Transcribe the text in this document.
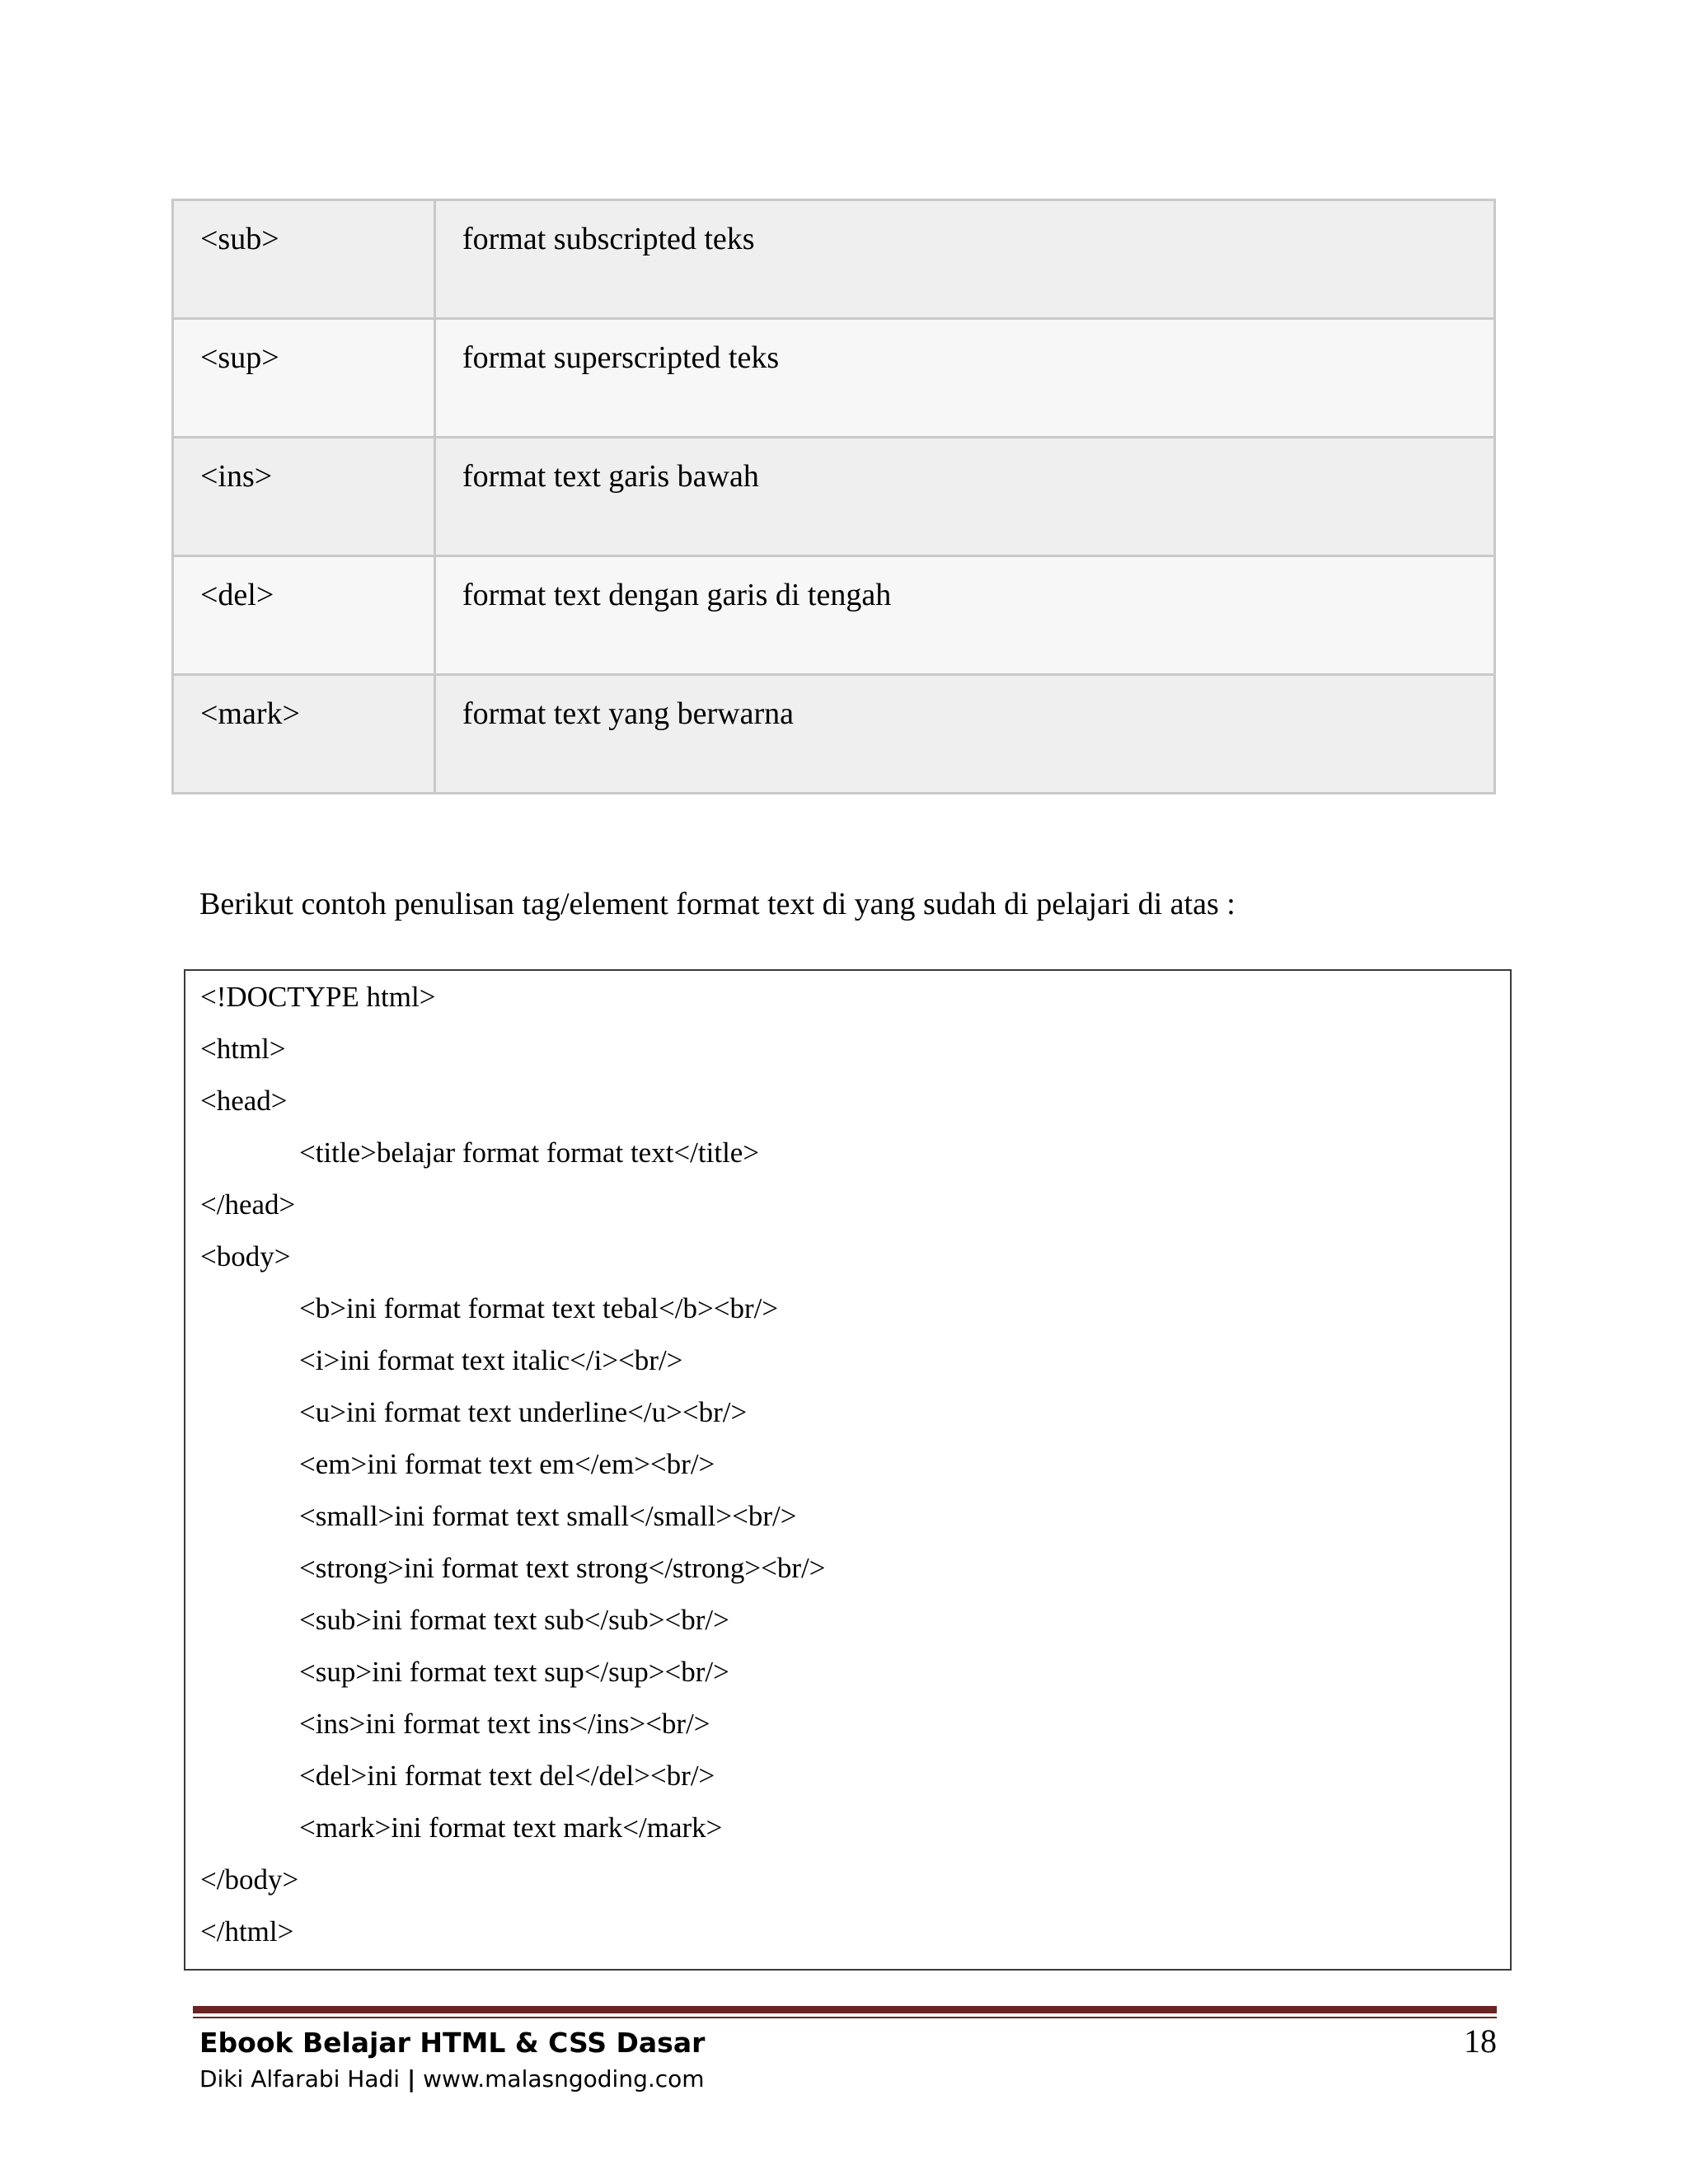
<sub>	format subscripted teks
<sup>	format superscripted teks
<ins>	format text garis bawah
<del>	format text dengan garis di tengah
<mark>	format text yang berwarna

Berikut contoh penulisan tag/element format text di yang sudah di pelajari di atas :

<!DOCTYPE html>
<html>
<head>
<title>belajar format format text</title>
</head>
<body>
<b>ini format format text tebal</b><br/>
<i>ini format text italic</i><br/>
<u>ini format text underline</u><br/>
<em>ini format text em</em><br/>
<small>ini format text small</small><br/>
<strong>ini format text strong</strong><br/>
<sub>ini format text sub</sub><br/>
<sup>ini format text sup</sup><br/>
<ins>ini format text ins</ins><br/>
<del>ini format text del</del><br/>
<mark>ini format text mark</mark>
</body>
</html>
Ebook Belajar HTML & CSS Dasar
Diki Alfarabi Hadi | www.malasngoding.com
18
